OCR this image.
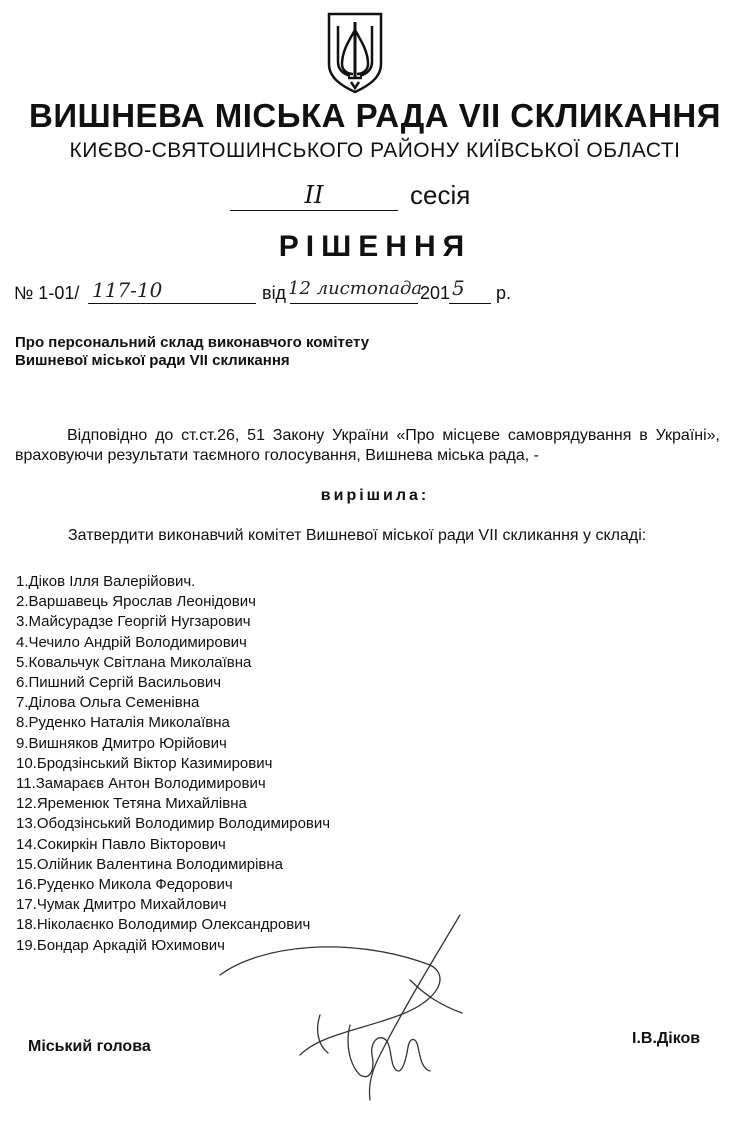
ВИШНЕВА МІСЬКА РАДА VII СКЛИКАННЯ
КИЄВО-СВЯТОШИНСЬКОГО РАЙОНУ КИЇВСЬКОЇ ОБЛАСТІ
II	сесія
РІШЕННЯ
№ 1-01/ 117-10	від 12 листопада
201 5 р.
Про персональний склад виконавчого комітету Вишневої міської ради VII скликання
Відповідно до ст.ст.26, 51 Закону України «Про місцеве самоврядування в Україні», враховуючи результати таємного голосування, Вишнева міська рада, -
вирішила:
Затвердити виконавчий комітет Вишневої міської ради VII скликання у складі:
1.Діков Ілля Валерійович.
2.Варшавець Ярослав Леонідович
3.Майсурадзе Георгій Нугзарович
4.Чечило Андрій Володимирович
5.Ковальчук Світлана Миколаївна
6.Пишний Сергій Васильович
7.Ділова Ольга Семенівна
8.Руденко Наталія Миколаївна
9.Вишняков Дмитро Юрійович
10.Бродзінський Віктор Казимирович
11.Замараєв Антон Володимирович
12.Яременюк Тетяна Михайлівна
13.Ободзінський Володимир Володимирович
14.Сокиркін Павло Вікторович
15.Олійник Валентина Володимирівна
16.Руденко Микола Федорович
17.Чумак Дмитро Михайлович
18.Ніколаєнко Володимир Олександрович
19.Бондар Аркадій Юхимович
Міський голова	І.В.Діков
